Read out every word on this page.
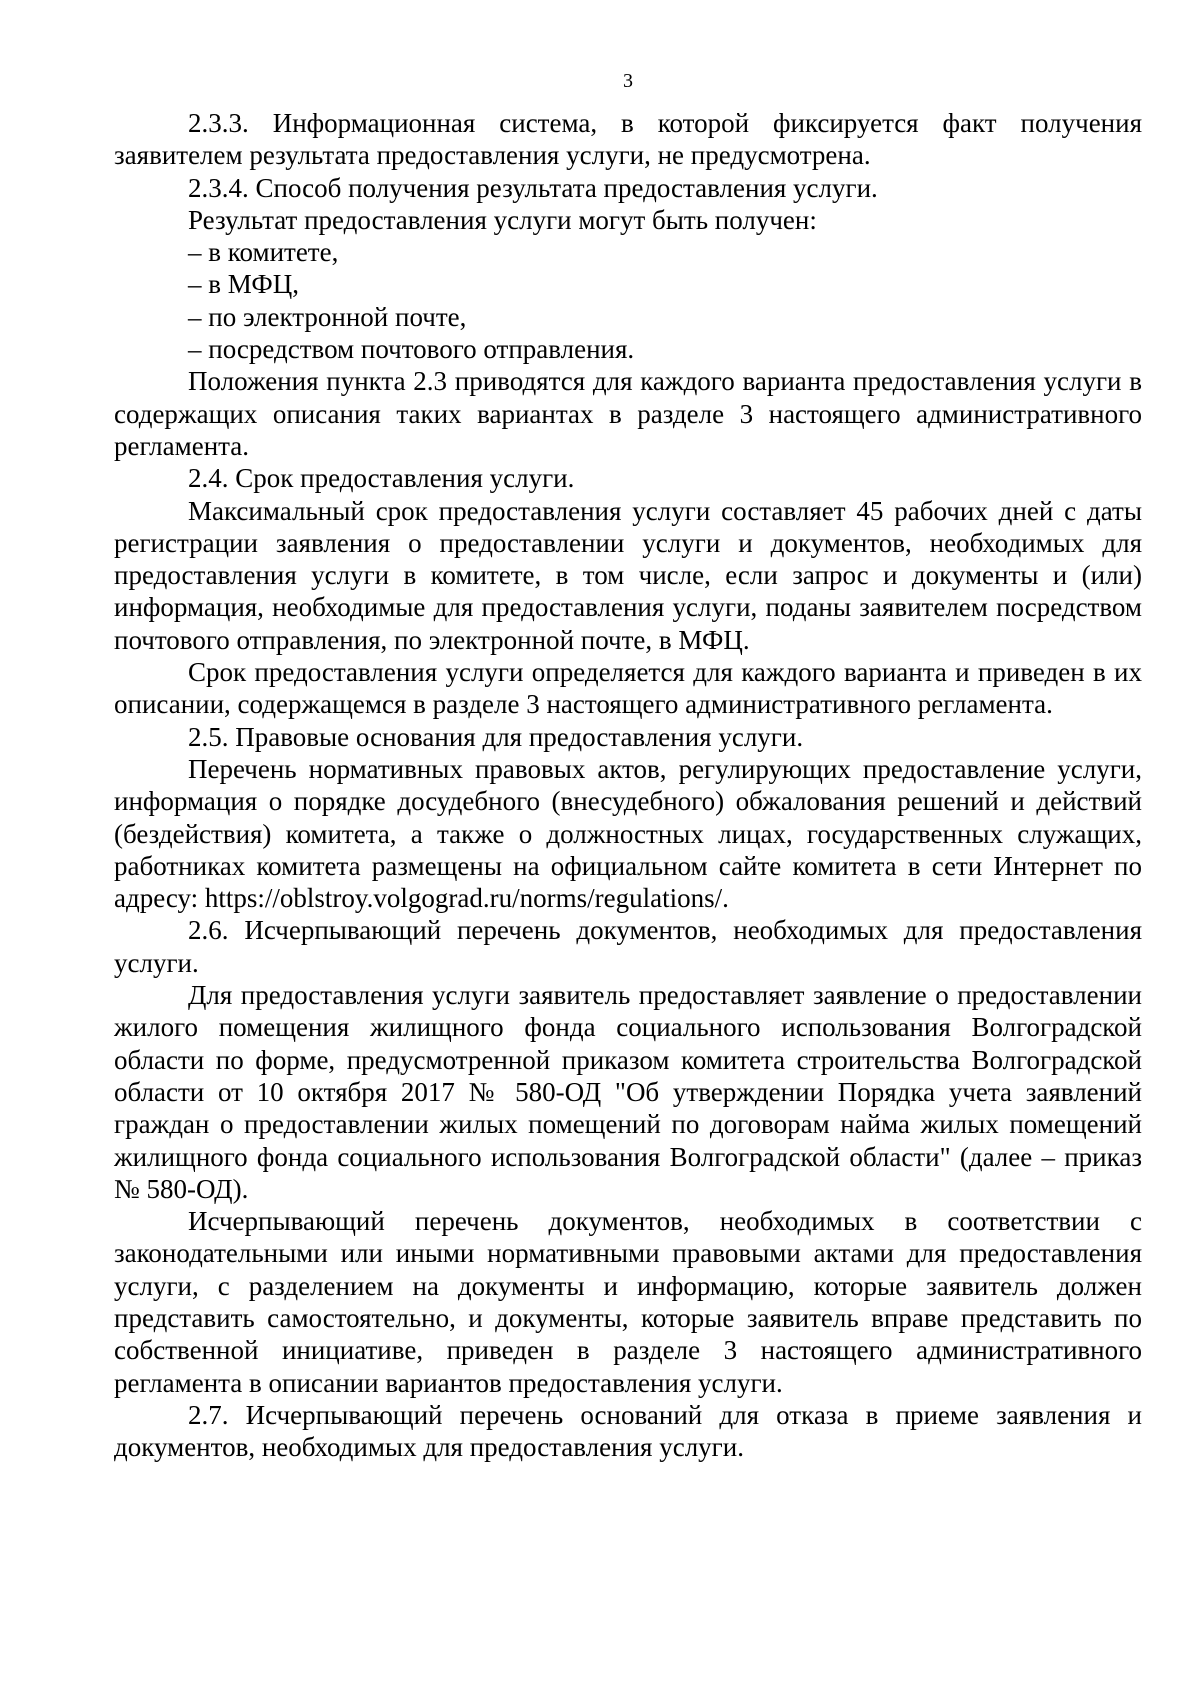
3

2.3.3. Информационная система, в которой фиксируется факт получения заявителем результата предоставления услуги, не предусмотрена.

2.3.4. Способ получения результата предоставления услуги.

Результат предоставления услуги могут быть получен:

– в комитете,

– в МФЦ,

– по электронной почте,

– посредством почтового отправления.

Положения пункта 2.3 приводятся для каждого варианта предоставления услуги в содержащих описания таких вариантах в разделе 3 настоящего административного регламента.

2.4. Срок предоставления услуги.

Максимальный срок предоставления услуги составляет 45 рабочих дней с даты регистрации заявления о предоставлении услуги и документов, необходимых для предоставления услуги в комитете, в том числе, если запрос и документы и (или) информация, необходимые для предоставления услуги, поданы заявителем посредством почтового отправления, по электронной почте, в МФЦ.

Срок предоставления услуги определяется для каждого варианта и приведен в их описании, содержащемся в разделе 3 настоящего административного регламента.

2.5. Правовые основания для предоставления услуги.

Перечень нормативных правовых актов, регулирующих предоставление услуги, информация о порядке досудебного (внесудебного) обжалования решений и действий (бездействия) комитета, а также о должностных лицах, государственных служащих, работниках комитета размещены на официальном сайте комитета в сети Интернет по адресу: https://oblstroy.volgograd.ru/norms/regulations/.

2.6. Исчерпывающий перечень документов, необходимых для предоставления услуги.

Для предоставления услуги заявитель предоставляет заявление о предоставлении жилого помещения жилищного фонда социального использования Волгоградской области по форме, предусмотренной приказом комитета строительства Волгоградской области от 10 октября 2017 № 580-ОД "Об утверждении Порядка учета заявлений граждан о предоставлении жилых помещений по договорам найма жилых помещений жилищного фонда социального использования Волгоградской области" (далее – приказ № 580-ОД).

Исчерпывающий перечень документов, необходимых в соответствии с законодательными или иными нормативными правовыми актами для предоставления услуги, с разделением на документы и информацию, которые заявитель должен представить самостоятельно, и документы, которые заявитель вправе представить по собственной инициативе, приведен в разделе 3 настоящего административного регламента в описании вариантов предоставления услуги.

2.7. Исчерпывающий перечень оснований для отказа в приеме заявления и документов, необходимых для предоставления услуги.
